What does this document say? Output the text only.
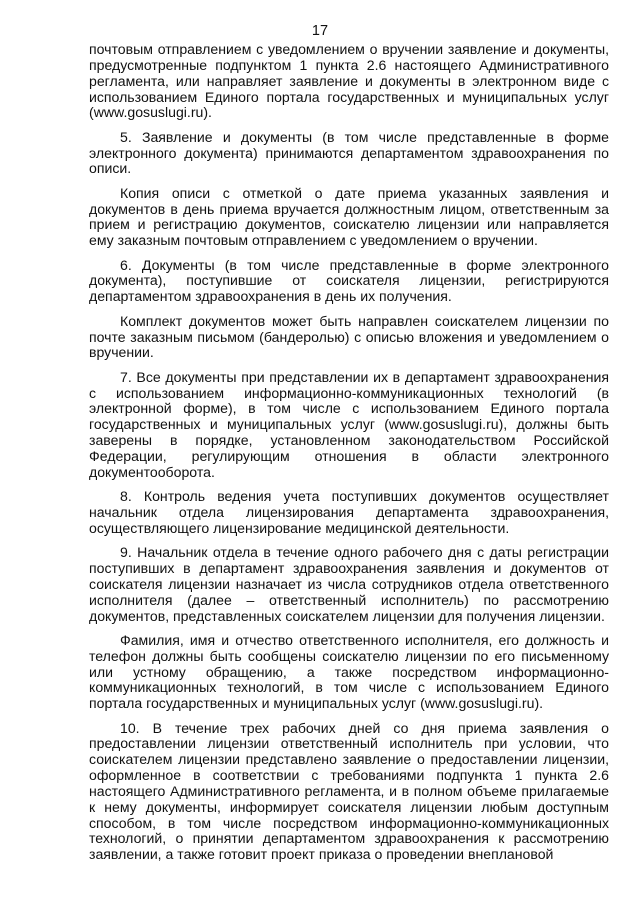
17

почтовым отправлением с уведомлением о вручении заявление и документы, предусмотренные подпунктом 1 пункта 2.6 настоящего Административного регламента, или направляет заявление и документы в электронном виде с использованием Единого портала государственных и муниципальных услуг (www.gosuslugi.ru).

5. Заявление и документы (в том числе представленные в форме электронного документа) принимаются департаментом здравоохранения по описи.

Копия описи с отметкой о дате приема указанных заявления и документов в день приема вручается должностным лицом, ответственным за прием и регистрацию документов, соискателю лицензии или направляется ему заказным почтовым отправлением с уведомлением о вручении.

6. Документы (в том числе представленные в форме электронного документа), поступившие от соискателя лицензии, регистрируются департаментом здравоохранения в день их получения.

Комплект документов может быть направлен соискателем лицензии по почте заказным письмом (бандеролью) с описью вложения и уведомлением о вручении.

7. Все документы при представлении их в департамент здравоохранения с использованием информационно-коммуникационных технологий (в электронной форме), в том числе с использованием Единого портала государственных и муниципальных услуг (www.gosuslugi.ru), должны быть заверены в порядке, установленном законодательством Российской Федерации, регулирующим отношения в области электронного документооборота.

8. Контроль ведения учета поступивших документов осуществляет начальник отдела лицензирования департамента здравоохранения, осуществляющего лицензирование медицинской деятельности.

9. Начальник отдела в течение одного рабочего дня с даты регистрации поступивших в департамент здравоохранения заявления и документов от соискателя лицензии назначает из числа сотрудников отдела ответственного исполнителя (далее – ответственный исполнитель) по рассмотрению документов, представленных соискателем лицензии для получения лицензии.

Фамилия, имя и отчество ответственного исполнителя, его должность и телефон должны быть сообщены соискателю лицензии по его письменному или устному обращению, а также посредством информационно-коммуникационных технологий, в том числе с использованием Единого портала государственных и муниципальных услуг (www.gosuslugi.ru).

10. В течение трех рабочих дней со дня приема заявления о предоставлении лицензии ответственный исполнитель при условии, что соискателем лицензии представлено заявление о предоставлении лицензии, оформленное в соответствии с требованиями подпункта 1 пункта 2.6 настоящего Административного регламента, и в полном объеме прилагаемые к нему документы, информирует соискателя лицензии любым доступным способом, в том числе посредством информационно-коммуникационных технологий, о принятии департаментом здравоохранения к рассмотрению заявлении, а также готовит проект приказа о проведении внеплановой
